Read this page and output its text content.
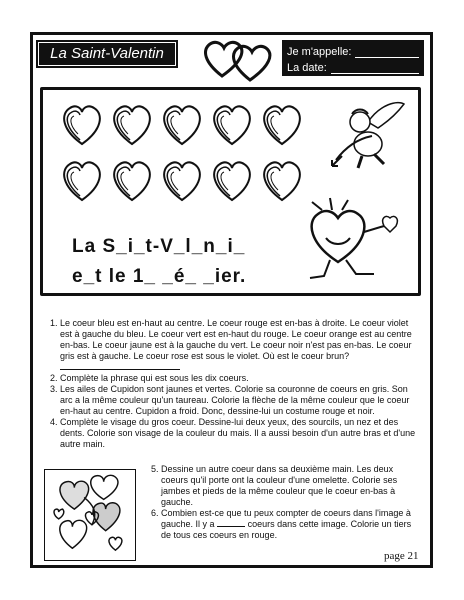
La Saint-Valentin	Je m'appelle:
La date:
La S_i_t-V_l_n_i_
e_t le 1_ _é_ _ier.
1. Le coeur bleu est en-haut au centre. Le coeur rouge est en-bas à droite. Le coeur violet est à gauche du bleu. Le coeur vert est en-haut du rouge. Le coeur orange est au centre en-bas. Le coeur jaune est à la gauche du vert. Le coeur noir n'est pas en-bas. Le coeur gris est à gauche. Le coeur rose est sous le violet. Où est le coeur brun?
2. Complète la phrase qui est sous les dix coeurs.
3. Les ailes de Cupidon sont jaunes et vertes. Colorie sa couronne de coeurs en gris. Son arc a la même couleur qu'un taureau. Colorie la flèche de la même couleur que le coeur en-haut au centre. Cupidon a froid. Donc, dessine-lui un costume rouge et noir.
4. Complète le visage du gros coeur. Dessine-lui deux yeux, des sourcils, un nez et des dents. Colorie son visage de la couleur du mais. Il a aussi besoin d'un autre bras et d'une autre main.
5. Dessine un autre coeur dans sa deuxième main. Les deux coeurs qu'il porte ont la couleur d'une omelette. Colorie ses jambes et pieds de la même couleur que le coeur en-bas à gauche.
6. Combien est-ce que tu peux compter de coeurs dans l'image à gauche. Il y a	coeurs dans cette image. Colorie un tiers de tous ces coeurs en rouge.
page 21
